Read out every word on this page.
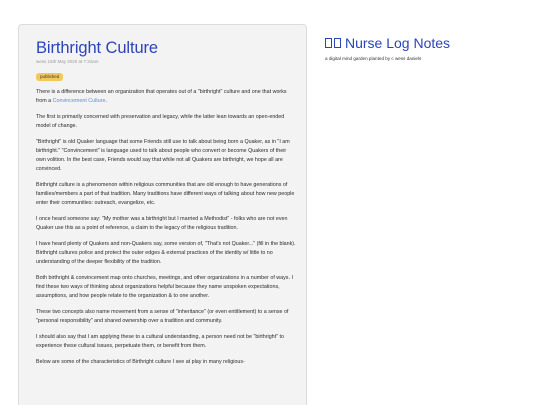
Birthright Culture
wess 15th May 2020 at 7:34am
published

There is a difference between an organization that operates out of a "birthright" culture and one that works from a Convincement Culture.

The first is primarily concerned with preservation and legacy, while the latter lean towards an open-ended model of change.

"Birthright" is old Quaker language that some Friends still use to talk about being born a Quaker, as in "I am birthright." "Convincement" is language used to talk about people who convert or become Quakers of their own volition. In the best case, Friends would say that while not all Quakers are birthright, we hope all are convinced.

Birthright culture is a phenomenon within religious communities that are old enough to have generations of families/members a part of that tradition. Many traditions have different ways of talking about how new people enter their communities: outreach, evangelize, etc.

I once heard someone say: "My mother was a birthright but I married a Methodist" - folks who are not even Quaker use this as a point of reference, a claim to the legacy of the religious tradition.

I have heard plenty of Quakers and non-Quakers say, some version of, "That's not Quaker..." (fill in the blank). Birthright cultures police and protect the outer edges & external practices of the identity w/ little to no understanding of the deeper flexibility of the tradition.

Both birthright & convincement map onto churches, meetings, and other organizations in a number of ways. I find these two ways of thinking about organizations helpful because they name unspoken expectations, assumptions, and how people relate to the organization & to one another.

These two concepts also name movement from a sense of "inheritance" (or even entitlement) to a sense of "personal responsibility" and shared ownership over a tradition and community.

I should also say that I am applying these to a cultural understanding, a person need not be "birthright" to experience these cultural issues, perpetuate them, or benefit from them.

Below are some of the characteristics of Birthright culture I see at play in many religious-

Nurse Log Notes
a digital mind garden planted by c wess daniels
